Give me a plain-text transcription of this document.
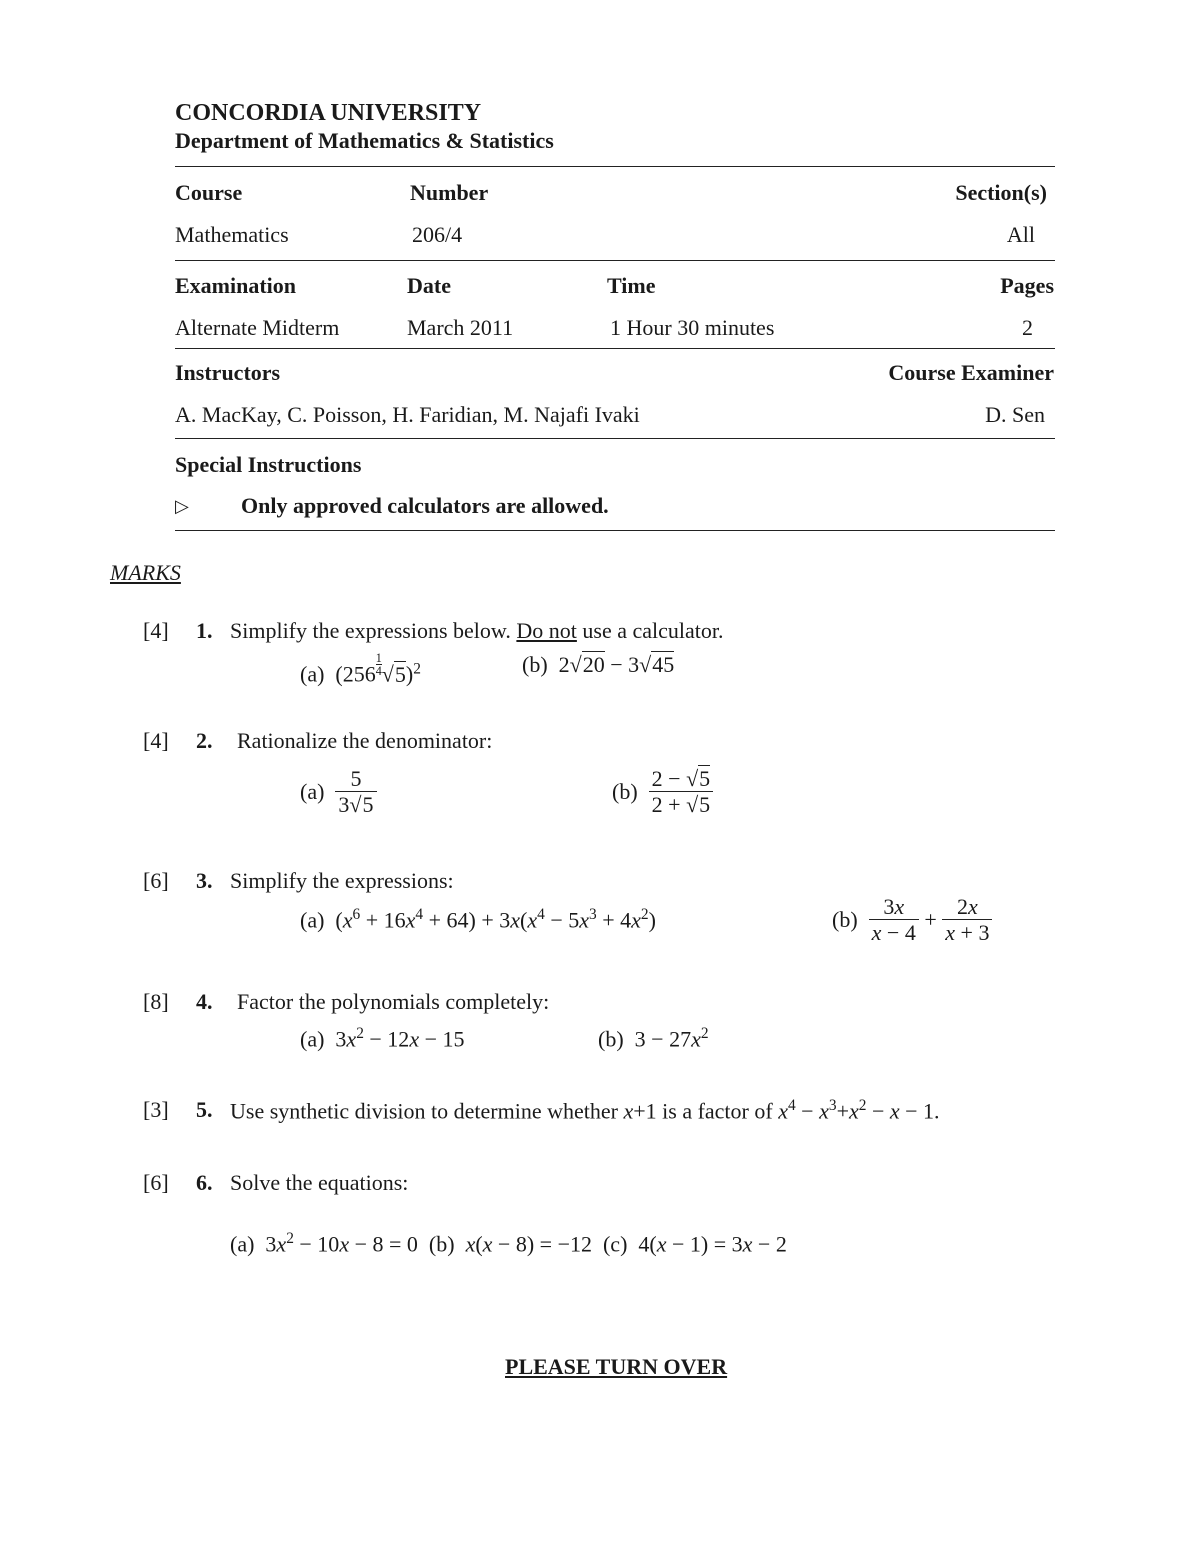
CONCORDIA UNIVERSITY
Department of Mathematics & Statistics
Course	Number	Section(s)
Mathematics	206/4	All
Examination	Date	Time	Pages
Alternate Midterm	March 2011	1 Hour 30 minutes	2
Instructors	Course Examiner
A. MacKay, C. Poisson, H. Faridian, M. Najafi Ivaki	D. Sen
Special Instructions
▷ Only approved calculators are allowed.
MARKS
[4] 1. Simplify the expressions below. Do not use a calculator.
(a)  $(256 \frac{1}{4} √5)^2$	(b)  2√20 − 3√45
[4] 2. Rationalize the denominator:
$(a) \frac{5}{3√5}$	$(b) \frac{2 - √5}{2 + √5}$
[6] 3. Simplify the expressions:
(a)  $(x^6 + 16x^4 + 64) + 3x(x^4 - 5x^3 + 4x^2)$	$(b) \frac{3x}{x - 4} + \frac{2x}{x + 3}$
[8] 4. Factor the polynomials completely:
(a)  $3x^2 - 12x - 15$	(b)  $3 - 27x^2$
[3] 5. Use synthetic division to determine whether x+1 is a factor of $x^4 - x^3+x^2 - x - 1$.
[6] 6. Solve the equations:
(a)  $3x^2 - 10x - 8 = 0$  (b) x(x − 8) = −12  (c)  4(x − 1) = 3x − 2
PLEASE TURN OVER
